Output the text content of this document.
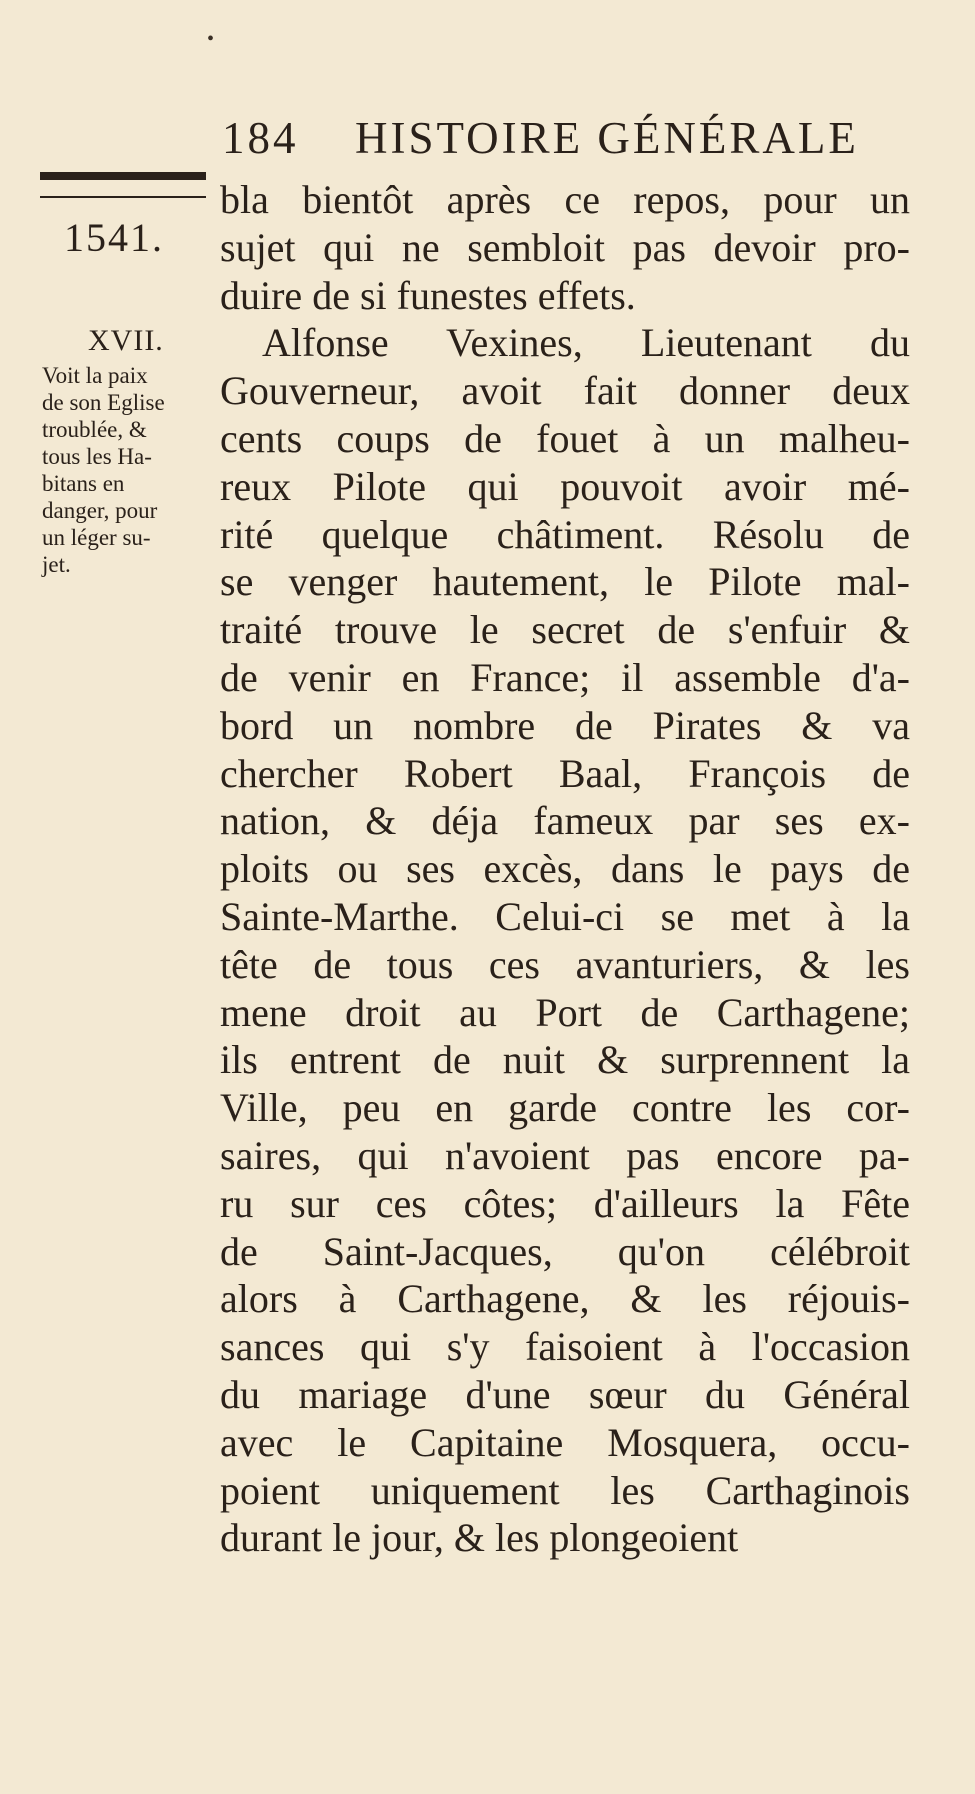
•
184 HISTOIRE GÉNÉRALE
1541.
XVII.
Voit la paix
de son Eglise
troublée, &
tous les Ha-
bitans en
danger, pour
un léger su-
jet.
bla bientôt après ce repos, pour un
sujet qui ne sembloit pas devoir pro-
duire de si funestes effets.
Alfonse Vexines, Lieutenant du
Gouverneur, avoit fait donner deux
cents coups de fouet à un malheu-
reux Pilote qui pouvoit avoir mé-
rité quelque châtiment. Résolu de
se venger hautement, le Pilote mal-
traité trouve le secret de s'enfuir &
de venir en France; il assemble d'a-
bord un nombre de Pirates & va
chercher Robert Baal, François de
nation, & déja fameux par ses ex-
ploits ou ses excès, dans le pays de
Sainte-Marthe. Celui-ci se met à la
tête de tous ces avanturiers, & les
mene droit au Port de Carthagene;
ils entrent de nuit & surprennent la
Ville, peu en garde contre les cor-
saires, qui n'avoient pas encore pa-
ru sur ces côtes; d'ailleurs la Fête
de Saint-Jacques, qu'on célébroit
alors à Carthagene, & les réjouis-
sances qui s'y faisoient à l'occasion
du mariage d'une sœur du Général
avec le Capitaine Mosquera, occu-
poient uniquement les Carthaginois
durant le jour, & les plongeoient
